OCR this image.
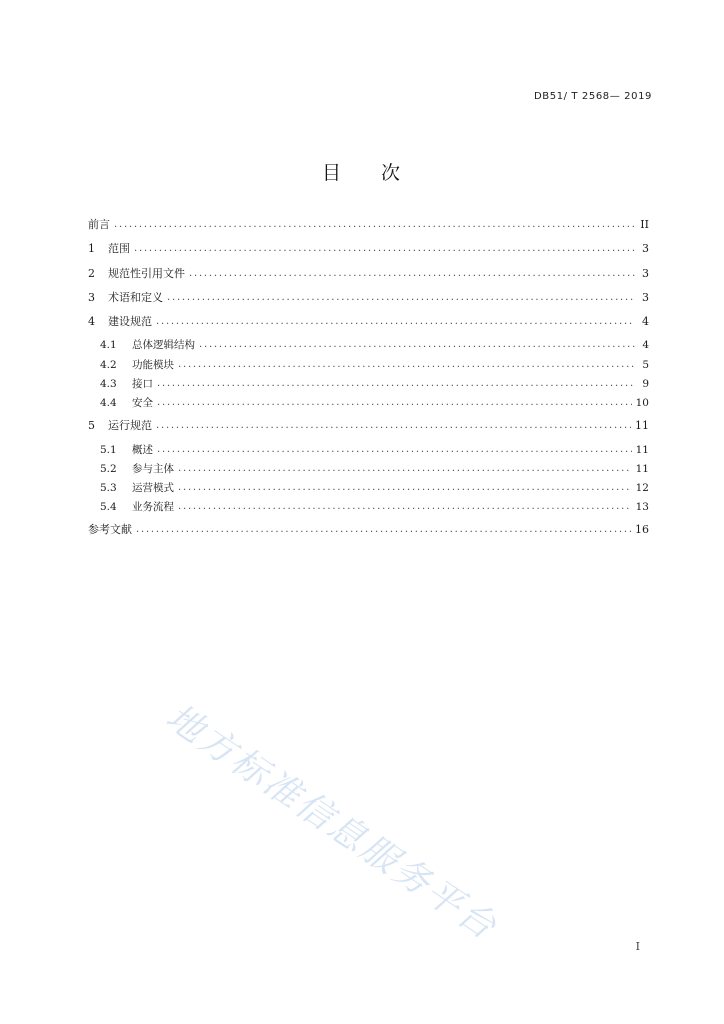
DB51/ T 2568— 2019
目 次
前言 .....	II
1	范围 .....	3
2	规范性引用文件 .....	3
3	术语和定义 .....	3
4	建设规范 .....	4
4.1	总体逻辑结构 .....	4
4.2	功能模块 .....	5
4.3	接口 .....	9
4.4	安全 .....	10
5	运行规范 .....	11
5.1	概述 .....	11
5.2	参与主体 .....	11
5.3	运营模式 .....	12
5.4	业务流程 .....	13
参考文献 .....	16
地方标准信息服务平台	I
